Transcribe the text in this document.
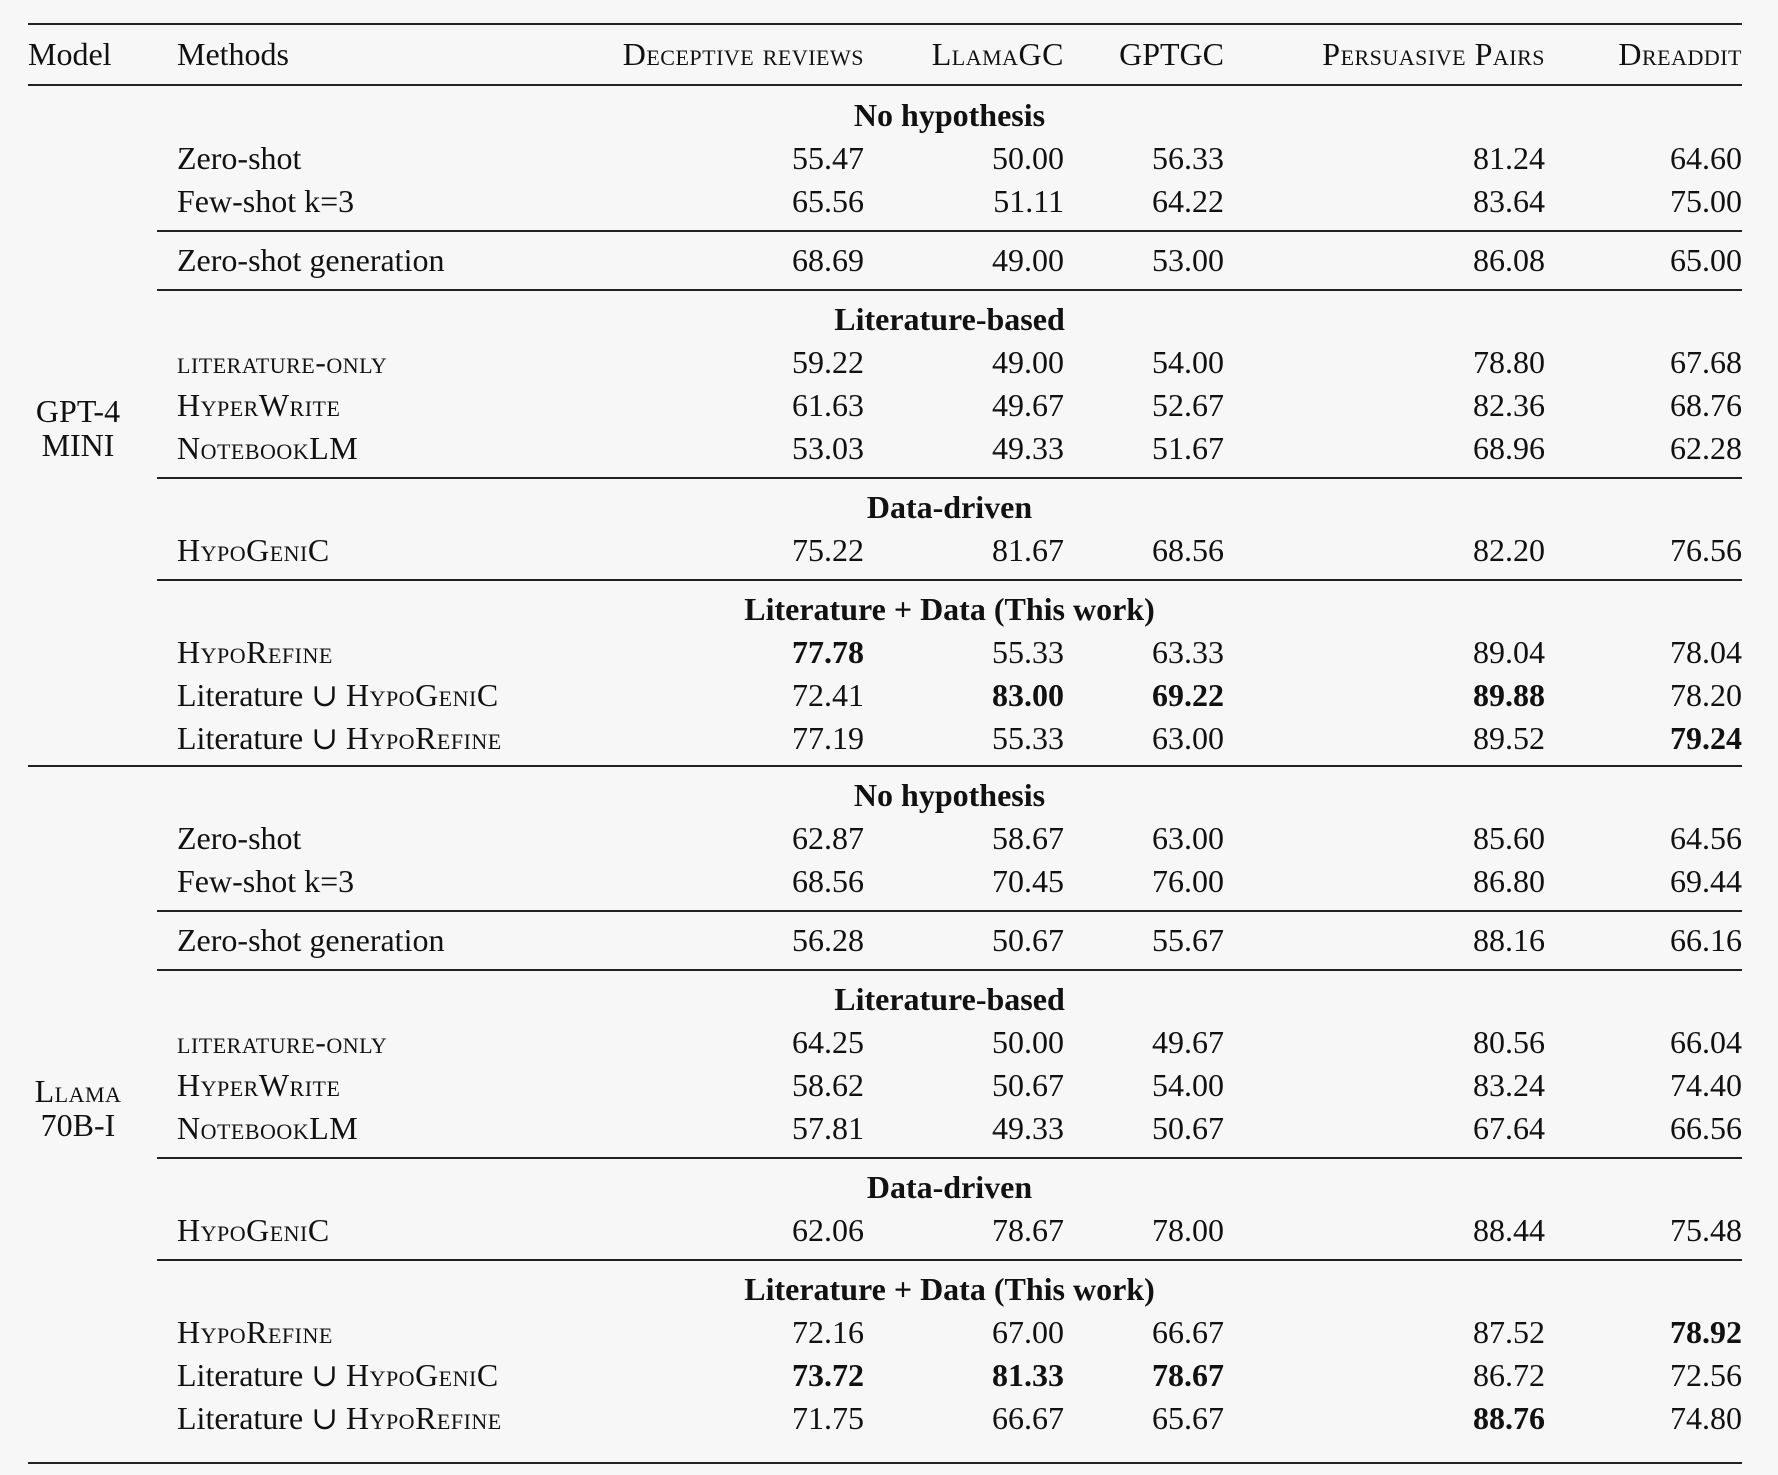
Model Methods	Deceptive reviews	LlamaGC	GPTGC	Persuasive Pairs	Dreaddit
No hypothesis
Zero-shot	55.47	50.00	56.33	81.24	64.60
Few-shot k=3	65.56	51.11	64.22	83.64	75.00
Zero-shot generation	68.69	49.00	53.00	86.08	65.00
Literature-based
literature-only	59.22	49.00	54.00	78.80	67.68
HyperWrite	61.63	49.67	52.67	82.36	68.76
NotebookLM	53.03	49.33	51.67	68.96	62.28
Data-driven
HypoGeniC	75.22	81.67	68.56	82.20	76.56
Literature + Data (This work)
HypoRefine	77.78	55.33	63.33	89.04	78.04
Literature ∪ HypoGeniC	72.41	83.00	69.22	89.88	78.20
Literature ∪ HypoRefine	77.19	55.33	63.00	89.52	79.24
GPT-4
MINI
No hypothesis
Zero-shot	62.87	58.67	63.00	85.60	64.56
Few-shot k=3	68.56	70.45	76.00	86.80	69.44
Zero-shot generation	56.28	50.67	55.67	88.16	66.16
Literature-based
literature-only	64.25	50.00	49.67	80.56	66.04
HyperWrite	58.62	50.67	54.00	83.24	74.40
NotebookLM	57.81	49.33	50.67	67.64	66.56
Data-driven
HypoGeniC	62.06	78.67	78.00	88.44	75.48
Literature + Data (This work)
HypoRefine	72.16	67.00	66.67	87.52	78.92
Literature ∪ HypoGeniC	73.72	81.33	78.67	86.72	72.56
Literature ∪ HypoRefine	71.75	66.67	65.67	88.76	74.80
Llama
70B-I
